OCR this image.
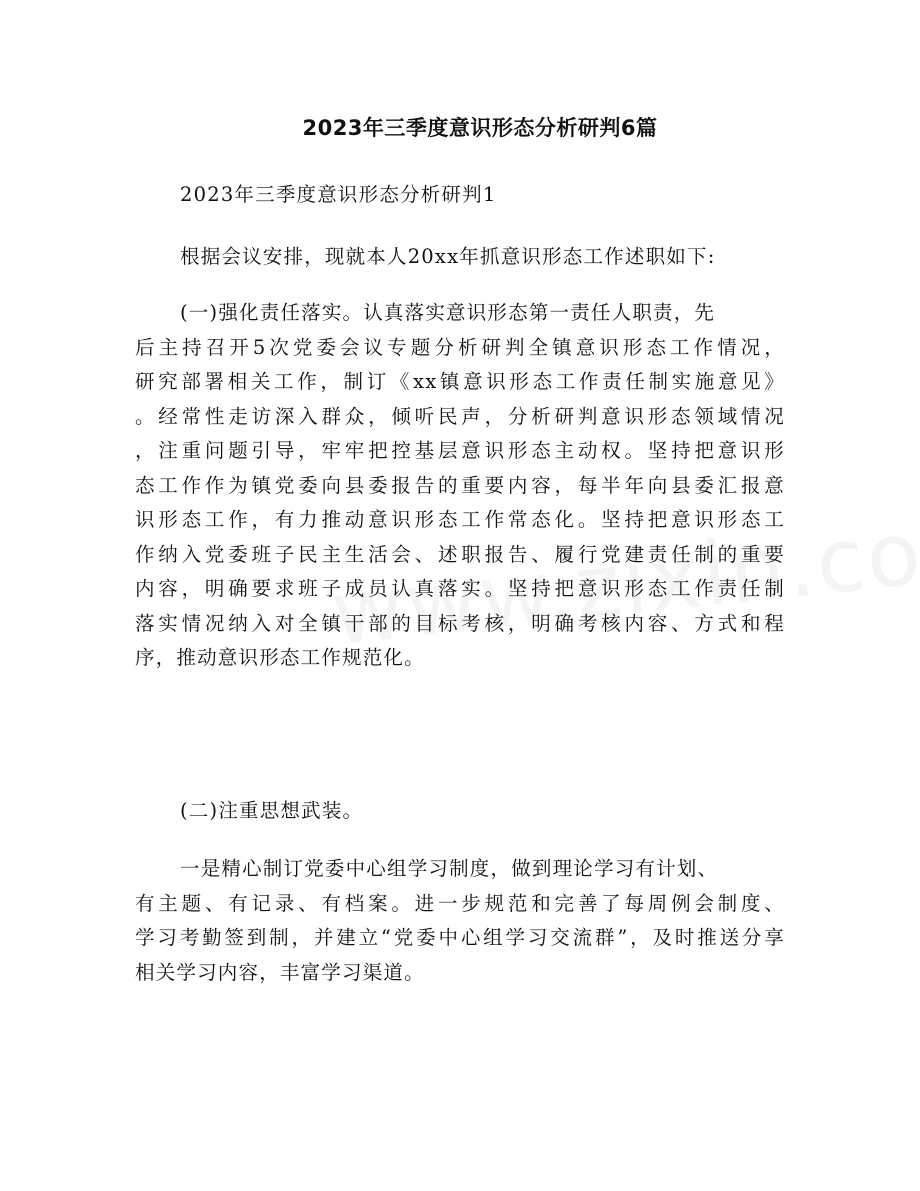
2023年三季度意识形态分析研判6篇

2023年三季度意识形态分析研判1

根据会议安排，现就本人20xx年抓意识形态工作述职如下:

(一)强化责任落实。认真落实意识形态第一责任人职责，先
后主持召开5次党委会议专题分析研判全镇意识形态工作情况，
研究部署相关工作，制订《xx镇意识形态工作责任制实施意见》
。经常性走访深入群众，倾听民声，分析研判意识形态领域情况
，注重问题引导，牢牢把控基层意识形态主动权。坚持把意识形
态工作作为镇党委向县委报告的重要内容，每半年向县委汇报意
识形态工作，有力推动意识形态工作常态化。坚持把意识形态工
作纳入党委班子民主生活会、述职报告、履行党建责任制的重要
内容，明确要求班子成员认真落实。坚持把意识形态工作责任制
落实情况纳入对全镇干部的目标考核，明确考核内容、方式和程
序，推动意识形态工作规范化。

(二)注重思想武装。

一是精心制订党委中心组学习制度，做到理论学习有计划、
有主题、有记录、有档案。进一步规范和完善了每周例会制度、
学习考勤签到制，并建立“党委中心组学习交流群”，及时推送分享
相关学习内容，丰富学习渠道。
